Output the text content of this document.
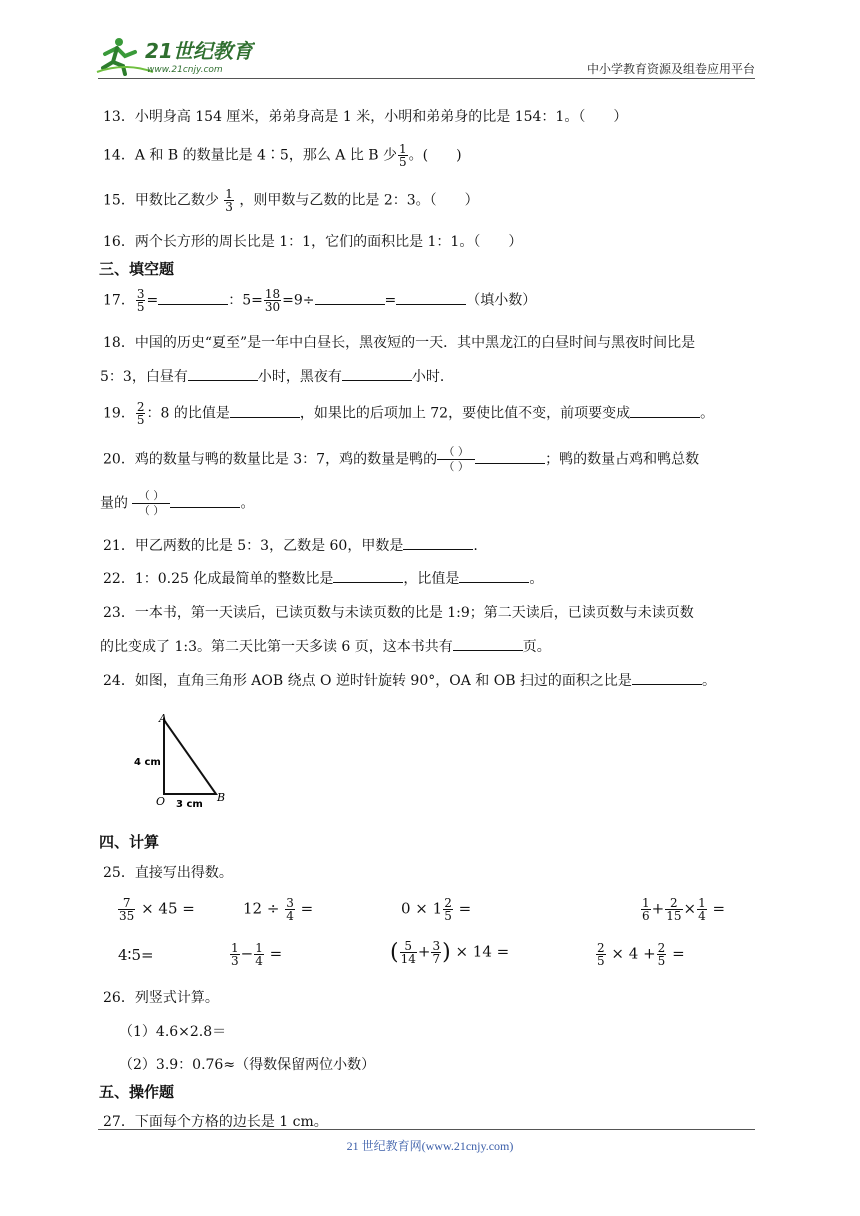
21世纪教育
www.21cnjy.com	中小学教育资源及组卷应用平台
13．小明身高 154 厘米，弟弟身高是 1 米，小明和弟弟身的比是 154：1。（　　）
14．A 和 B 的数量比是 4∶5，那么 A 比 B 少 $\frac{1}{5}$ 。(　　)
15．甲数比乙数少 $\frac{1}{3}$ ，则甲数与乙数的比是 2：3。（　　）
16．两个长方形的周长比是 1：1，它们的面积比是 1：1。（　　）
三、填空题
17． $\frac{3}{5}$ =	：$5= \frac{18}{30} =9\div$	=	（填小数）
18．中国的历史“夏至”是一年中白昼长，黑夜短的一天．其中黑龙江的白昼时间与黑夜时间比是
5：3，白昼有	小时，黑夜有	小时．
19． $\frac{2}{5}$ ：8 的比值是	，如果比的后项加上 72，要使比值不变，前项要变成	。
20．鸡的数量与鸭的数量比是 3：7，鸡的数量是鸭的
（ ）
（ ）	；鸭的数量占鸡和鸭总数
量的
（ ）
（ ）	。
21．甲乙两数的比是 5：3，乙数是 60，甲数是	.
22．1：0.25 化成最简单的整数比是	，比值是	。
23．一本书，第一天读后，已读页数与未读页数的比是 1:9；第二天读后，已读页数与未读页数
的比变成了 1:3。第二天比第一天多读 6 页，这本书共有	页。
24．如图，直角三角形 AOB 绕点 O 逆时针旋转 90°，OA 和 OB 扫过的面积之比是	。
A
O	B
4 cm
3 cm
四、计算
25．直接写出得数。
$\frac{7}{35} \times 45$ =	$12 \div \frac{3}{4}$ =	$0 \times 1 \frac{2}{5}$ =	$\frac{1}{6} + \frac{2}{15} \times \frac{1}{4}$ =
4∶5=	$\frac{1}{3} - \frac{1}{4}$ =	( $\frac{5}{14} + \frac{3}{7}$ ) × 14 =	$\frac{2}{5} \times 4 + \frac{2}{5}$ =
26．列竖式计算。
（1）4.6×2.8＝
（2）3.9：0.76≈（得数保留两位小数）
五、操作题
27．下面每个方格的边长是 1 cm。
21 世纪教育网(www.21cnjy.com)
